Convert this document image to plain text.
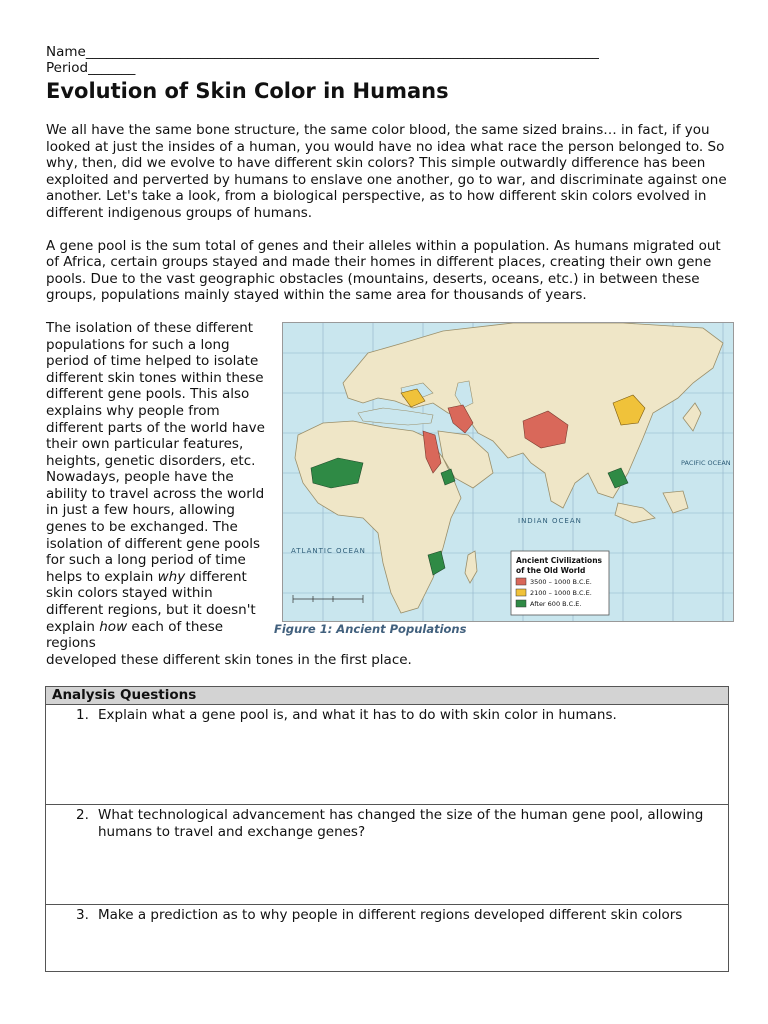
Name____________________________________________________________________________
Period_______
Evolution of Skin Color in Humans

We all have the same bone structure, the same color blood, the same sized brains… in fact, if you looked at just the insides of a human, you would have no idea what race the person belonged to. So why, then, did we evolve to have different skin colors? This simple outwardly difference has been exploited and perverted by humans to enslave one another, go to war, and discriminate against one another. Let's take a look, from a biological perspective, as to how different skin colors evolved in different indigenous groups of humans.

A gene pool is the sum total of genes and their alleles within a population. As humans migrated out of Africa, certain groups stayed and made their homes in different places, creating their own gene pools. Due to the vast geographic obstacles (mountains, deserts, oceans, etc.) in between these groups, populations mainly stayed within the same area for thousands of years.

The isolation of these different populations for such a long period of time helped to isolate different skin tones within these different gene pools. This also explains why people from different parts of the world have their own particular features, heights, genetic disorders, etc. Nowadays, people have the ability to travel across the world in just a few hours, allowing genes to be exchanged. The isolation of different gene pools for such a long period of time helps to explain why different skin colors stayed within different regions, but it doesn't explain how each of these regions
developed these different skin tones in the first place.
ATLANTIC OCEAN
INDIAN OCEAN
PACIFIC OCEAN
Ancient Civilizations
of the Old World
3500 – 1000 B.C.E.
2100 – 1000 B.C.E.
After 600 B.C.E.
Figure 1: Ancient Populations
Analysis Questions
1. Explain what a gene pool is, and what it has to do with skin color in humans.
2. What technological advancement has changed the size of the human gene pool, allowing humans to travel and exchange genes?
3. Make a prediction as to why people in different regions developed different skin colors
